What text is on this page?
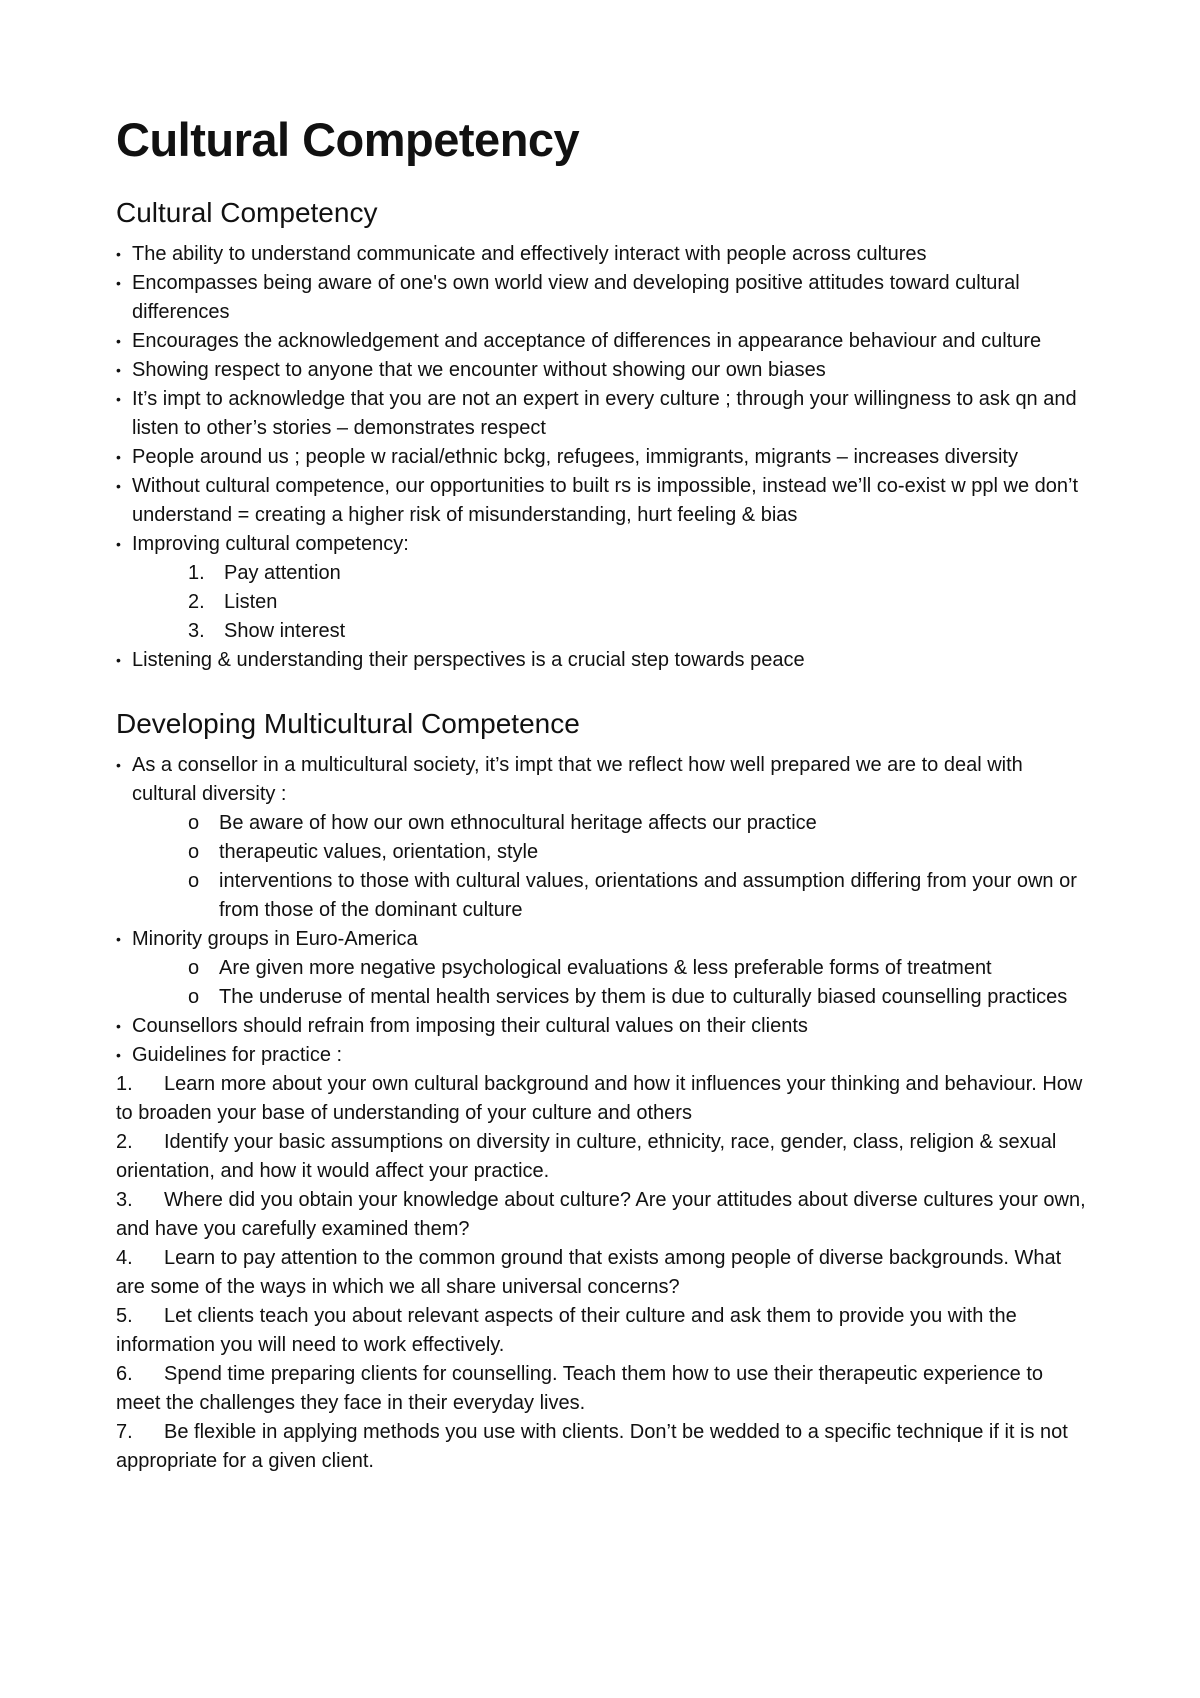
Cultural Competency
Cultural Competency
• The ability to understand communicate and effectively interact with people across cultures
• Encompasses being aware of one's own world view and developing positive attitudes toward cultural differences
• Encourages the acknowledgement and acceptance of differences in appearance behaviour and culture
• Showing respect to anyone that we encounter without showing our own biases
• It’s impt to acknowledge that you are not an expert in every culture ; through your willingness to ask qn and listen to other’s stories – demonstrates respect
• People around us ; people w racial/ethnic bckg, refugees, immigrants, migrants – increases diversity
• Without cultural competence, our opportunities to built rs is impossible, instead we’ll co-exist w ppl we don’t understand = creating a higher risk of misunderstanding, hurt feeling & bias
• Improving cultural competency:
1. Pay attention
2. Listen
3. Show interest
• Listening & understanding their perspectives is a crucial step towards peace
Developing Multicultural Competence
• As a consellor in a multicultural society, it’s impt that we reflect how well prepared we are to deal with cultural diversity :
o Be aware of how our own ethnocultural heritage affects our practice
o therapeutic values, orientation, style
o interventions to those with cultural values, orientations and assumption differing from your own or from those of the dominant culture
• Minority groups in Euro-America
o Are given more negative psychological evaluations & less preferable forms of treatment
o The underuse of mental health services by them is due to culturally biased counselling practices
• Counsellors should refrain from imposing their cultural values on their clients
• Guidelines for practice :
1. Learn more about your own cultural background and how it influences your thinking and behaviour. How to broaden your base of understanding of your culture and others
2. Identify your basic assumptions on diversity in culture, ethnicity, race, gender, class, religion & sexual orientation, and how it would affect your practice.
3. Where did you obtain your knowledge about culture? Are your attitudes about diverse cultures your own, and have you carefully examined them?
4. Learn to pay attention to the common ground that exists among people of diverse backgrounds. What are some of the ways in which we all share universal concerns?
5. Let clients teach you about relevant aspects of their culture and ask them to provide you with the information you will need to work effectively.
6. Spend time preparing clients for counselling. Teach them how to use their therapeutic experience to meet the challenges they face in their everyday lives.
7. Be flexible in applying methods you use with clients. Don’t be wedded to a specific technique if it is not appropriate for a given client.
